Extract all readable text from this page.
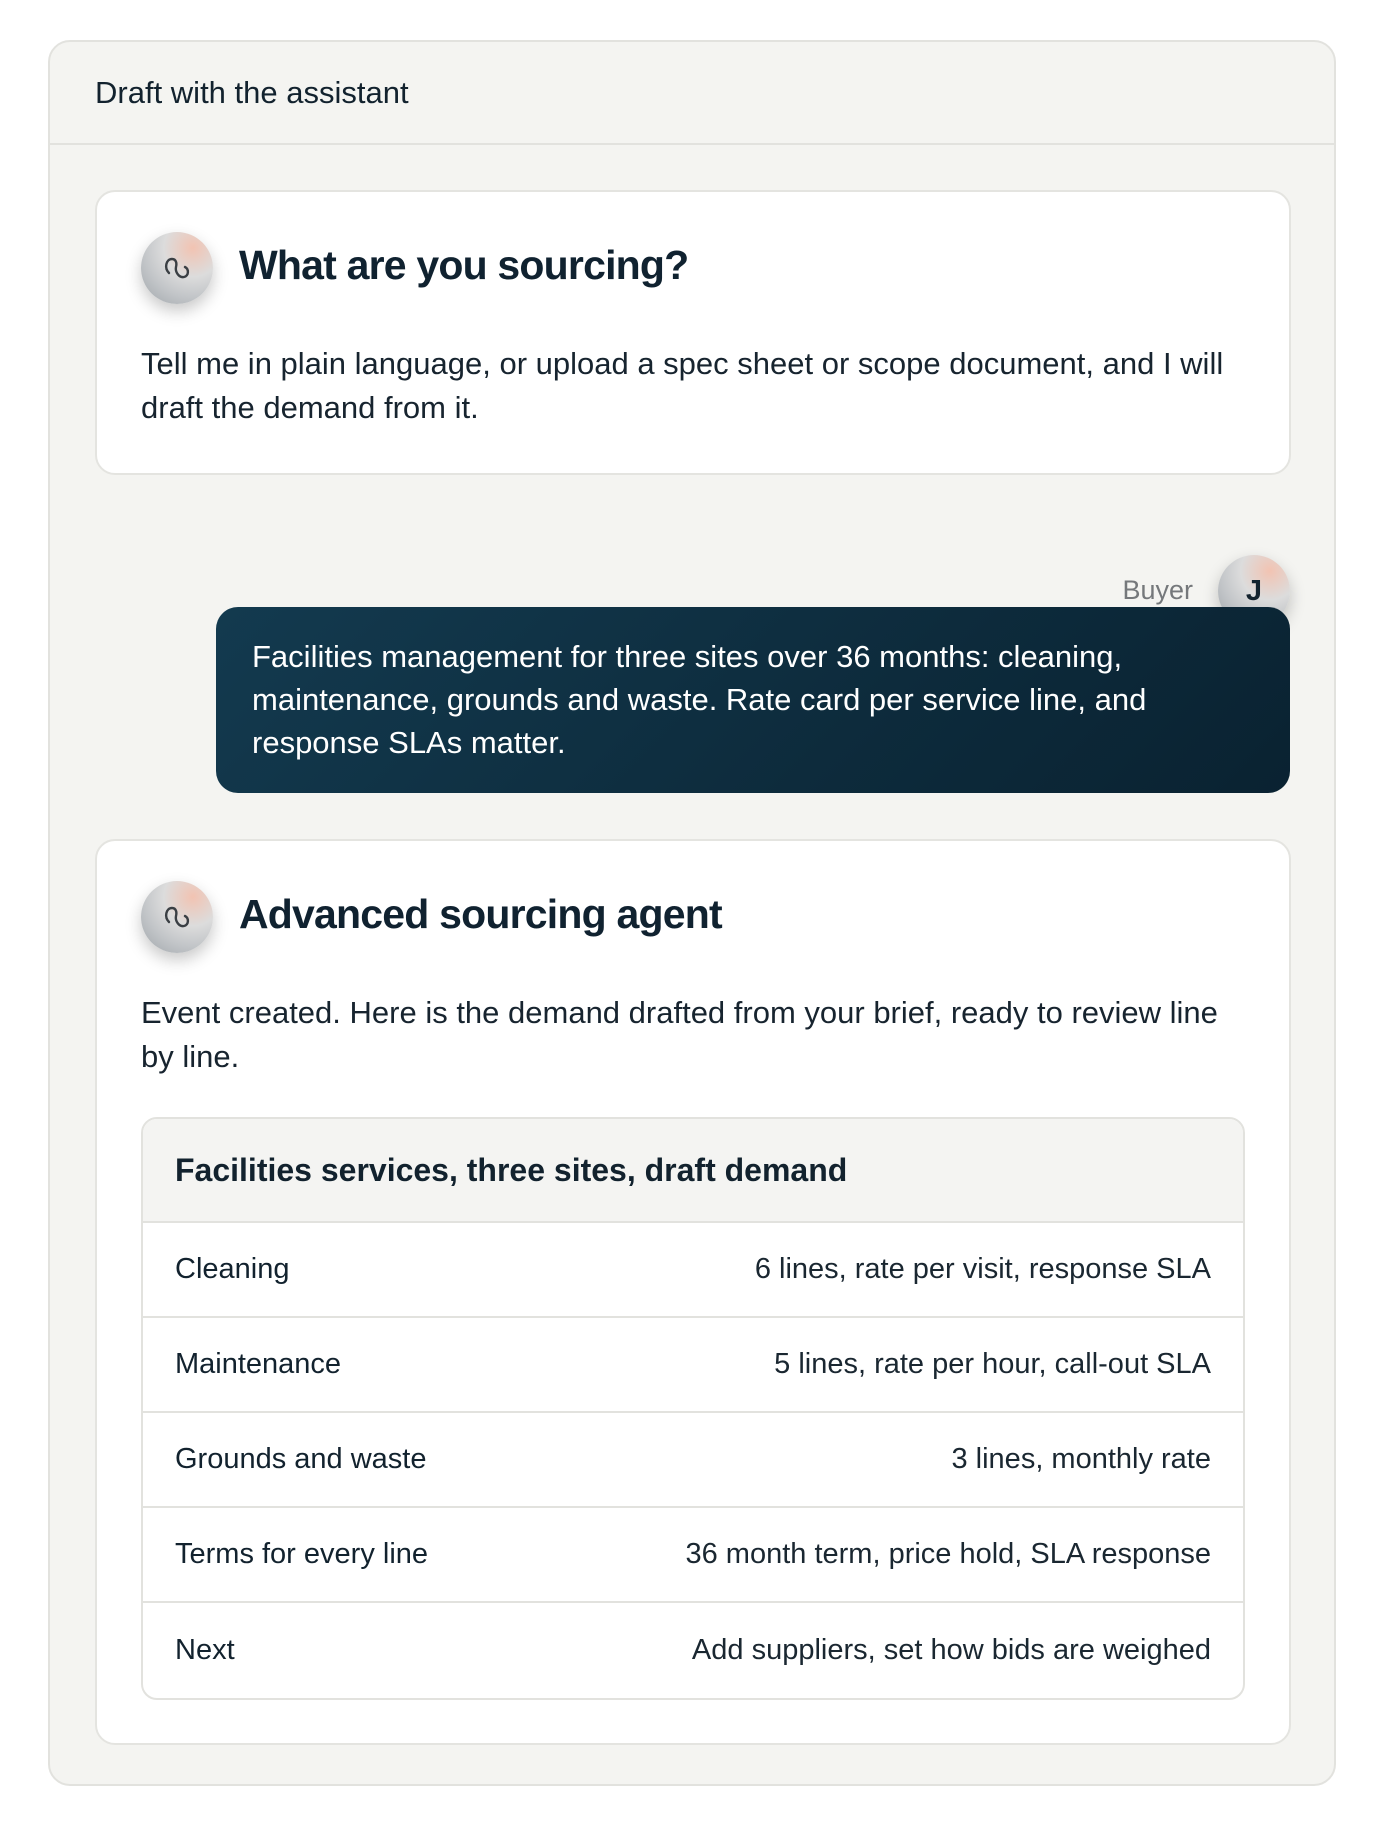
Draft with the assistant
What are you sourcing?
Tell me in plain language, or upload a spec sheet or scope document, and I will draft the demand from it.
Buyer J
Facilities management for three sites over 36 months: cleaning, maintenance, grounds and waste. Rate card per service line, and response SLAs matter.
Advanced sourcing agent
Event created. Here is the demand drafted from your brief, ready to review line by line.
Facilities services, three sites, draft demand
Cleaning	6 lines, rate per visit, response SLA
Maintenance	5 lines, rate per hour, call-out SLA
Grounds and waste	3 lines, monthly rate
Terms for every line	36 month term, price hold, SLA response
Next	Add suppliers, set how bids are weighed
